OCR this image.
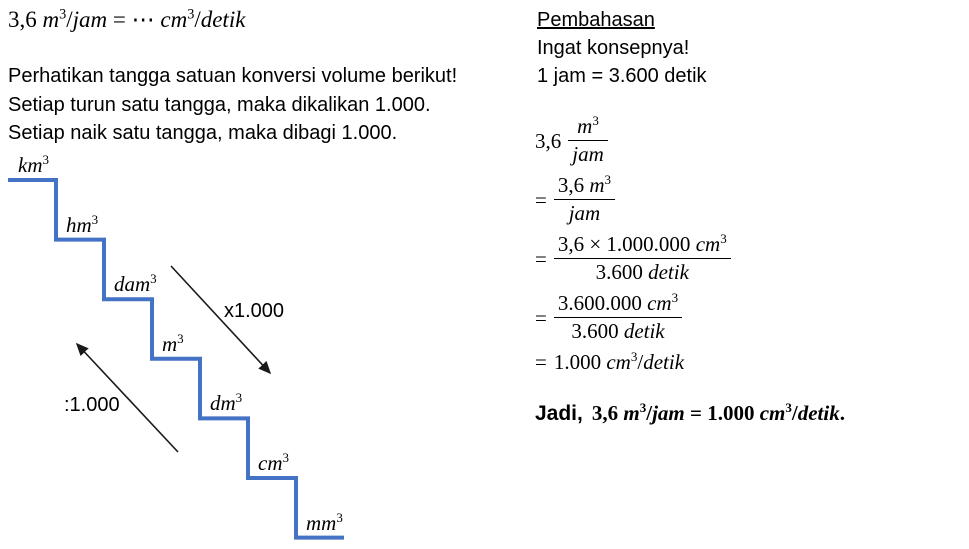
3,6 $m^3$/jam = ⋯ $cm^3$/detik
Perhatikan tangga satuan konversi volume berikut!
Setiap turun satu tangga, maka dikalikan 1.000.
Setiap naik satu tangga, maka dibagi 1.000.
$km^3$
$hm^3$
dam$^3$
$m^3$
$dm^3$
$cm^3$
$mm^3$
x1.000
:1.000
Pembahasan
Ingat konsepnya!
1 jam = 3.600 detik
$3,6 \frac{m^3}{\text{jam}}$
= $\frac{3,6 m^3}{\text{jam}}$
= $\frac{3,6 \times 1.000.000 cm^3}{\text{3.600 detik}}$
= $\frac{3.600.000 cm^3}{\text{3.600 detik}}$
= 1.000 $cm^3$/detik
Jadi, 3,6 $m^3$/jam = 1.000 $cm^3$/detik.
